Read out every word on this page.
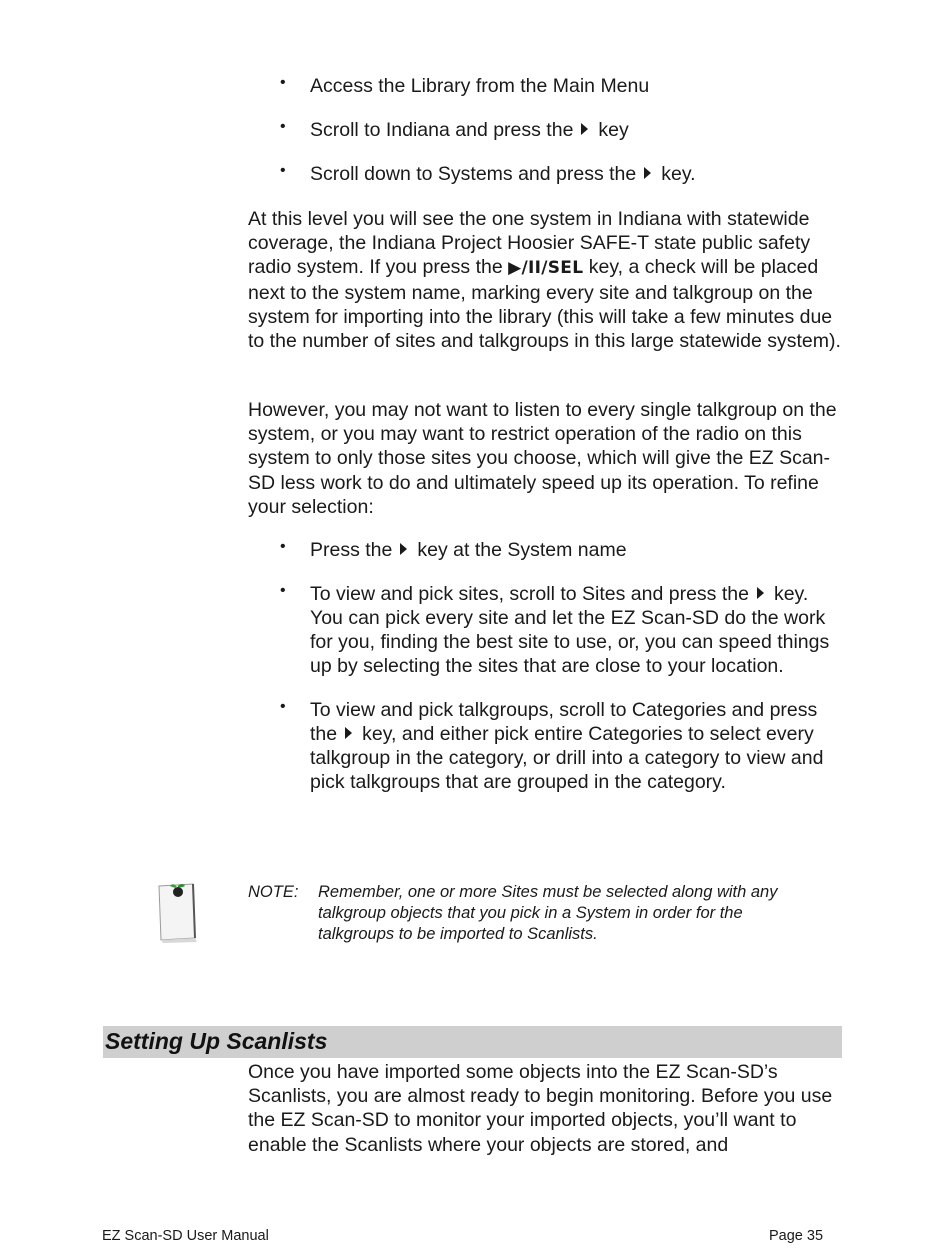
• Access the Library from the Main Menu
• Scroll to Indiana and press the key
• Scroll down to Systems and press the key.

At this level you will see the one system in Indiana with statewide coverage, the Indiana Project Hoosier SAFE-T state public safety radio system. If you press the ▶/II/SEL key, a check will be placed next to the system name, marking every site and talkgroup on the system for importing into the library (this will take a few minutes due to the number of sites and talkgroups in this large statewide system).

However, you may not want to listen to every single talkgroup on the system, or you may want to restrict operation of the radio on this system to only those sites you choose, which will give the EZ Scan-SD less work to do and ultimately speed up its operation. To refine your selection:

• Press the key at the System name
• To view and pick sites, scroll to Sites and press the key. You can pick every site and let the EZ Scan-SD do the work for you, finding the best site to use, or, you can speed things up by selecting the sites that are close to your location.
• To view and pick talkgroups, scroll to Categories and press the key, and either pick entire Categories to select every talkgroup in the category, or drill into a category to view and pick talkgroups that are grouped in the category.
NOTE: Remember, one or more Sites must be selected along with any talkgroup objects that you pick in a System in order for the talkgroups to be imported to Scanlists.
Setting Up Scanlists

Once you have imported some objects into the EZ Scan-SD’s Scanlists, you are almost ready to begin monitoring. Before you use the EZ Scan-SD to monitor your imported objects, you’ll want to enable the Scanlists where your objects are stored, and

EZ Scan-SD User Manual	Page 35
